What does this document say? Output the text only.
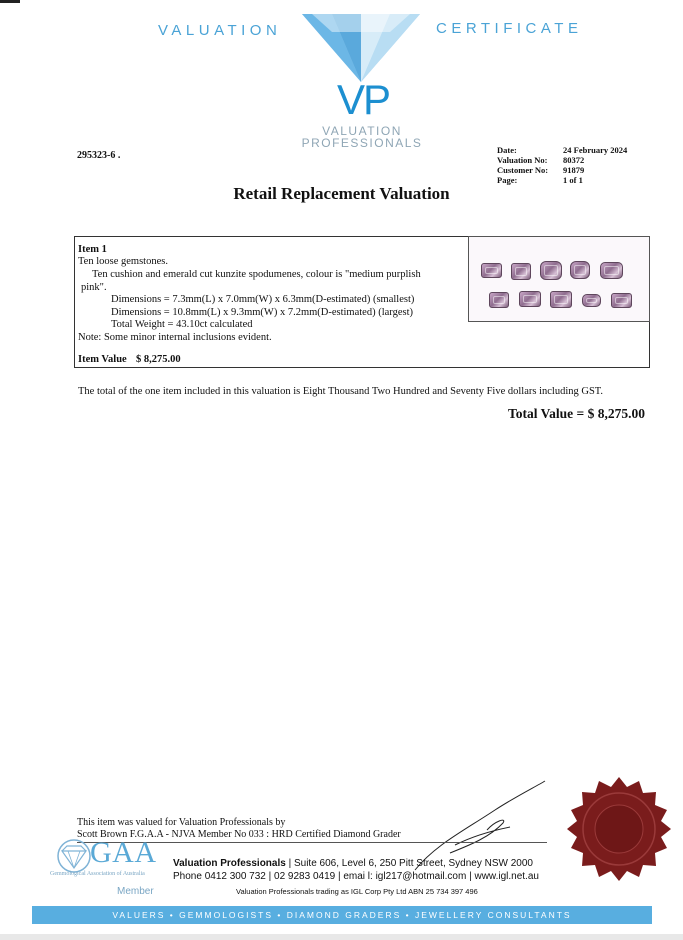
VALUATION	CERTIFICATE
VP
VALUATION
PROFESSIONALS
295323-6 .	Date:	24 February 2024
Valuation No: 80372
Customer No: 91879
Page:	1 of 1
Retail Replacement Valuation
Item 1
Ten loose gemstones.
Ten cushion and emerald cut kunzite spodumenes, colour is "medium purplish
pink".
Dimensions = 7.3mm(L) x 7.0mm(W) x 6.3mm(D-estimated) (smallest)
Dimensions = 10.8mm(L) x 9.3mm(W) x 7.2mm(D-estimated) (largest)
Total Weight = 43.10ct calculated
Note: Some minor internal inclusions evident.
Item Value $ 8,275.00
The total of the one item included in this valuation is Eight Thousand Two Hundred and Seventy Five dollars including GST.
Total Value = $ 8,275.00
This item was valued for Valuation Professionals by
Scott Brown F.G.A.A - NJVA Member No 033 : HRD Certified Diamond Grader
GAA
Gemmological Association of Australia
Member
Valuation Professionals | Suite 606, Level 6, 250 Pitt Street, Sydney NSW 2000
Phone 0412 300 732 | 02 9283 0419 | emai l: igl217@hotmail.com | www.igl.net.au
Valuation Professionals trading as IGL Corp Pty Ltd ABN 25 734 397 496
VALUERS • GEMMOLOGISTS • DIAMOND GRADERS • JEWELLERY CONSULTANTS
